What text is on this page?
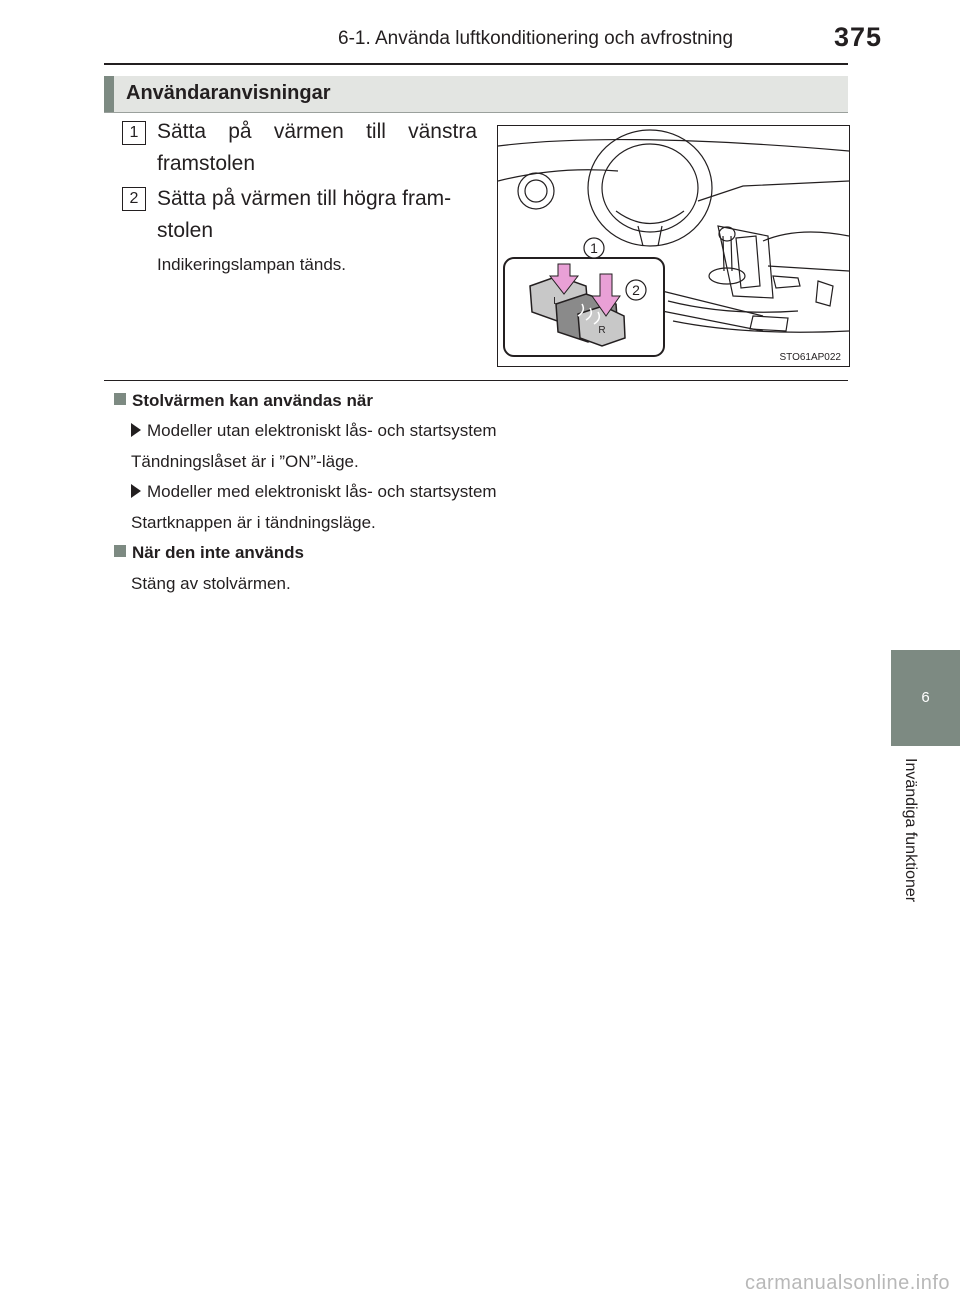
6-1. Använda luftkonditionering och avfrostning	375
Användaranvisningar
1 Sätta på värmen till vänstra
framstolen
2 Sätta på värmen till högra fram-
stolen
Indikeringslampan tänds.
1
2
L
R
STO61AP022
Stolvärmen kan användas när
Modeller utan elektroniskt lås- och startsystem
Tändningslåset är i ”ON”-läge.
Modeller med elektroniskt lås- och startsystem
Startknappen är i tändningsläge.
När den inte används
Stäng av stolvärmen.
6
Invändiga funktioner
carmanualsonline.info
